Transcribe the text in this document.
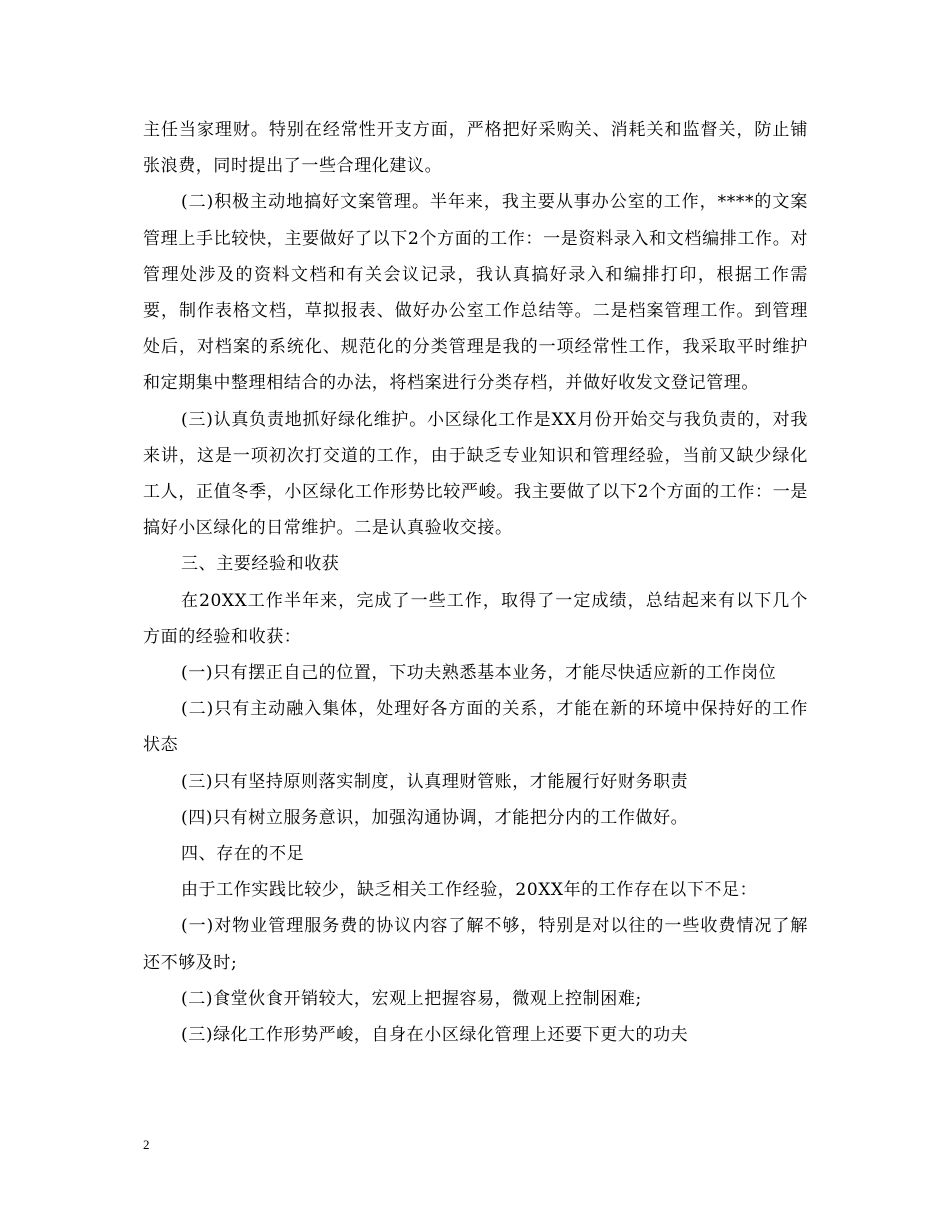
主任当家理财。特别在经常性开支方面，严格把好采购关、消耗关和监督关，防止铺张浪费，同时提出了一些合理化建议。

(二)积极主动地搞好文案管理。半年来，我主要从事办公室的工作，****的文案管理上手比较快，主要做好了以下2个方面的工作：一是资料录入和文档编排工作。对管理处涉及的资料文档和有关会议记录，我认真搞好录入和编排打印，根据工作需要，制作表格文档，草拟报表、做好办公室工作总结等。二是档案管理工作。到管理处后，对档案的系统化、规范化的分类管理是我的一项经常性工作，我采取平时维护和定期集中整理相结合的办法，将档案进行分类存档，并做好收发文登记管理。

(三)认真负责地抓好绿化维护。小区绿化工作是XX月份开始交与我负责的，对我来讲，这是一项初次打交道的工作，由于缺乏专业知识和管理经验，当前又缺少绿化工人，正值冬季，小区绿化工作形势比较严峻。我主要做了以下2个方面的工作：一是搞好小区绿化的日常维护。二是认真验收交接。

三、主要经验和收获

在20XX工作半年来，完成了一些工作，取得了一定成绩，总结起来有以下几个方面的经验和收获：

(一)只有摆正自己的位置，下功夫熟悉基本业务，才能尽快适应新的工作岗位

(二)只有主动融入集体，处理好各方面的关系，才能在新的环境中保持好的工作状态

(三)只有坚持原则落实制度，认真理财管账，才能履行好财务职责

(四)只有树立服务意识，加强沟通协调，才能把分内的工作做好。

四、存在的不足

由于工作实践比较少，缺乏相关工作经验，20XX年的工作存在以下不足：

(一)对物业管理服务费的协议内容了解不够，特别是对以往的一些收费情况了解还不够及时;

(二)食堂伙食开销较大，宏观上把握容易，微观上控制困难;

(三)绿化工作形势严峻，自身在小区绿化管理上还要下更大的功夫

2
